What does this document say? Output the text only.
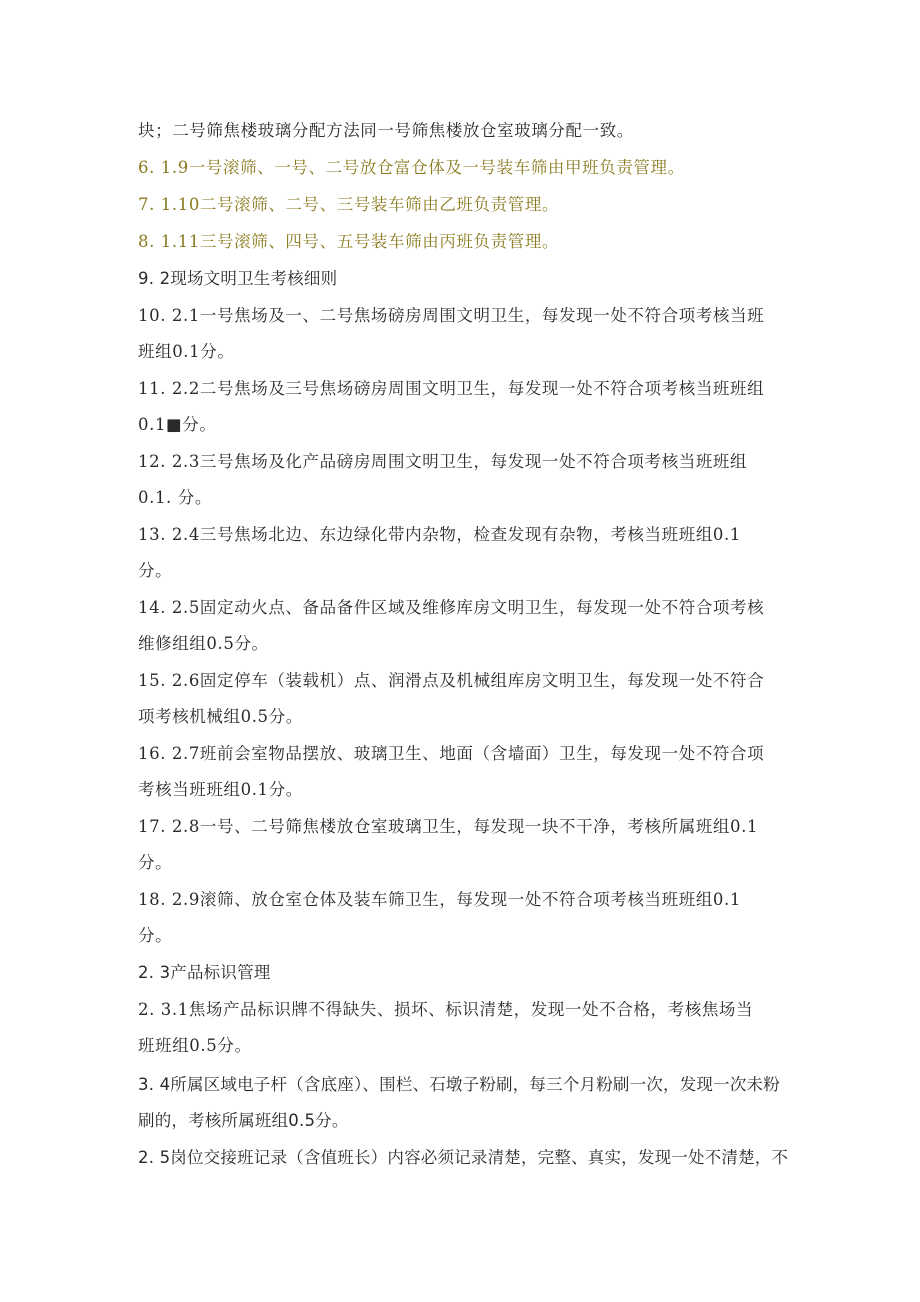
块；二号筛焦楼玻璃分配方法同一号筛焦楼放仓室玻璃分配一致。
6. 1.9一号滚筛、一号、二号放仓富仓体及一号装车筛由甲班负责管理。
7. 1.10二号滚筛、二号、三号装车筛由乙班负责管理。
8. 1.11三号滚筛、四号、五号装车筛由丙班负责管理。
9. 2现场文明卫生考核细则
10. 2.1一号焦场及一、二号焦场磅房周围文明卫生，每发现一处不符合项考核当班
班组0.1分。
11. 2.2二号焦场及三号焦场磅房周围文明卫生，每发现一处不符合项考核当班班组
0.1■分。
12. 2.3三号焦场及化产品磅房周围文明卫生，每发现一处不符合项考核当班班组
0.1. 分。
13. 2.4三号焦场北边、东边绿化带内杂物，检查发现有杂物，考核当班班组0.1
分。
14. 2.5固定动火点、备品备件区域及维修库房文明卫生，每发现一处不符合项考核
维修组组0.5分。
15. 2.6固定停车（装载机）点、润滑点及机械组库房文明卫生，每发现一处不符合
项考核机械组0.5分。
16. 2.7班前会室物品摆放、玻璃卫生、地面（含墙面）卫生，每发现一处不符合项
考核当班班组0.1分。
17. 2.8一号、二号筛焦楼放仓室玻璃卫生，每发现一块不干净，考核所属班组0.1
分。
18. 2.9滚筛、放仓室仓体及装车筛卫生，每发现一处不符合项考核当班班组0.1
分。
2. 3产品标识管理
2. 3.1焦场产品标识牌不得缺失、损坏、标识清楚，发现一处不合格，考核焦场当
班班组0.5分。
3. 4所属区域电子杆（含底座）、围栏、石墩子粉刷，每三个月粉刷一次，发现一次未粉
刷的，考核所属班组0.5分。
2. 5岗位交接班记录（含值班长）内容必须记录清楚，完整、真实，发现一处不清楚，不
